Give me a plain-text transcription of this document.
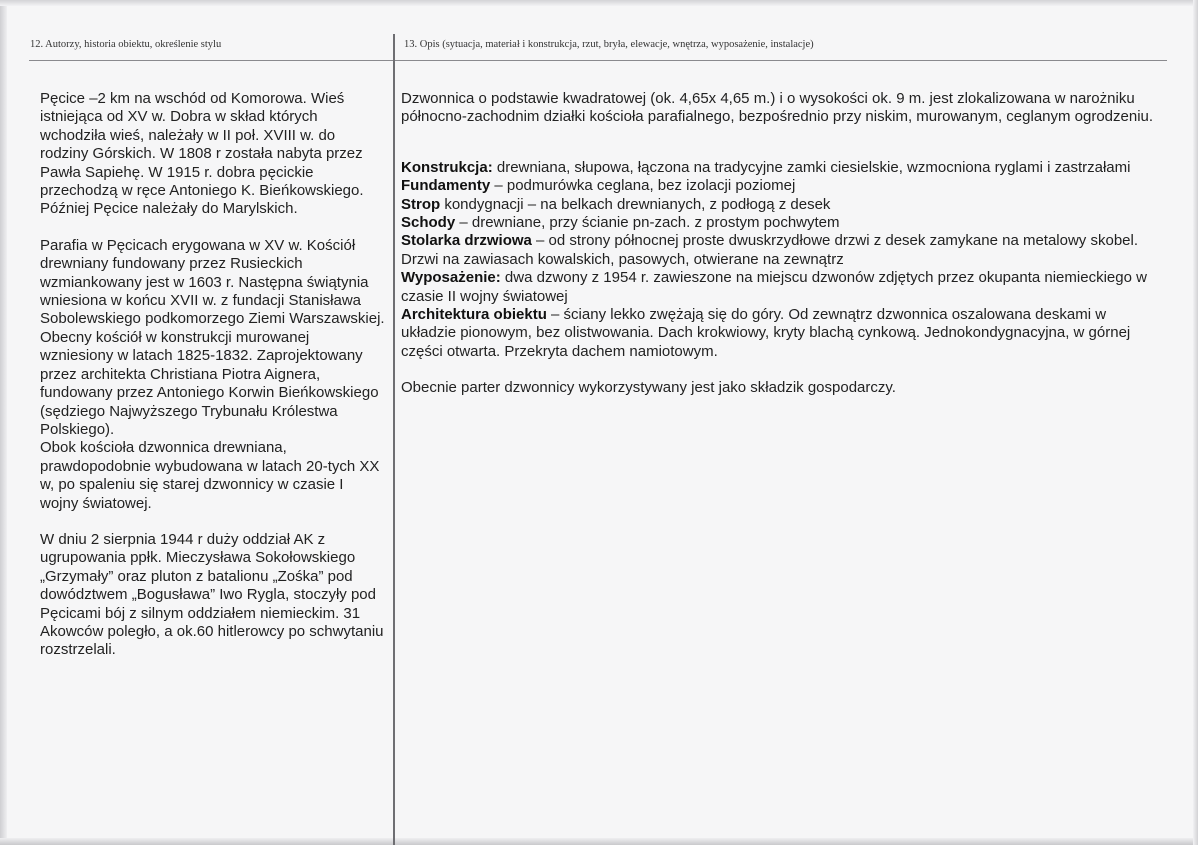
12. Autorzy, historia obiektu, określenie stylu	13. Opis (sytuacja, materiał i konstrukcja, rzut, bryła, elewacje, wnętrza, wyposażenie, instalacje)

Pęcice –2 km na wschód od Komorowa. Wieś istniejąca od XV w. Dobra w skład których wchodziła wieś, należały w II poł. XVIII w. do rodziny Górskich. W 1808 r została nabyta przez Pawła Sapiehę. W 1915 r. dobra pęcickie przechodzą w ręce Antoniego K. Bieńkowskiego. Później Pęcice należały do Marylskich.

Parafia w Pęcicach erygowana w XV w. Kościół drewniany fundowany przez Rusieckich wzmiankowany jest w 1603 r. Następna świątynia wniesiona w końcu XVII w. z fundacji Stanisława Sobolewskiego podkomorzego Ziemi Warszawskiej.

Obecny kościół w konstrukcji murowanej wzniesiony w latach 1825-1832. Zaprojektowany przez architekta Christiana Piotra Aignera, fundowany przez Antoniego Korwin Bieńkowskiego (sędziego Najwyższego Trybunału Królestwa Polskiego).

Obok kościoła dzwonnica drewniana, prawdopodobnie wybudowana w latach 20-tych XX w, po spaleniu się starej dzwonnicy w czasie I wojny światowej.

W dniu 2 sierpnia 1944 r duży oddział AK z ugrupowania ppłk. Mieczysława Sokołowskiego „Grzymały” oraz pluton z batalionu „Zośka” pod dowództwem „Bogusława” Iwo Rygla, stoczyły pod Pęcicami bój z silnym oddziałem niemieckim. 31 Akowców poległo, a ok.60 hitlerowcy po schwytaniu rozstrzelali.

Dzwonnica o podstawie kwadratowej (ok. 4,65x 4,65 m.) i o wysokości ok. 9 m. jest zlokalizowana w narożniku północno-zachodnim działki kościoła parafialnego, bezpośrednio przy niskim, murowanym, ceglanym ogrodzeniu.

Konstrukcja: drewniana, słupowa, łączona na tradycyjne zamki ciesielskie, wzmocniona ryglami i zastrzałami

Fundamenty – podmurówka ceglana, bez izolacji poziomej

Strop kondygnacji – na belkach drewnianych, z podłogą z desek

Schody – drewniane, przy ścianie pn-zach. z prostym pochwytem

Stolarka drzwiowa – od strony północnej proste dwuskrzydłowe drzwi z desek zamykane na metalowy skobel. Drzwi na zawiasach kowalskich, pasowych, otwierane na zewnątrz

Wyposażenie: dwa dzwony z 1954 r. zawieszone na miejscu dzwonów zdjętych przez okupanta niemieckiego w czasie II wojny światowej

Architektura obiektu – ściany lekko zwężają się do góry. Od zewnątrz dzwonnica oszalowana deskami w układzie pionowym, bez olistwowania. Dach krokwiowy, kryty blachą cynkową. Jednokondygnacyjna, w górnej części otwarta. Przekryta dachem namiotowym.

Obecnie parter dzwonnicy wykorzystywany jest jako składzik gospodarczy.
